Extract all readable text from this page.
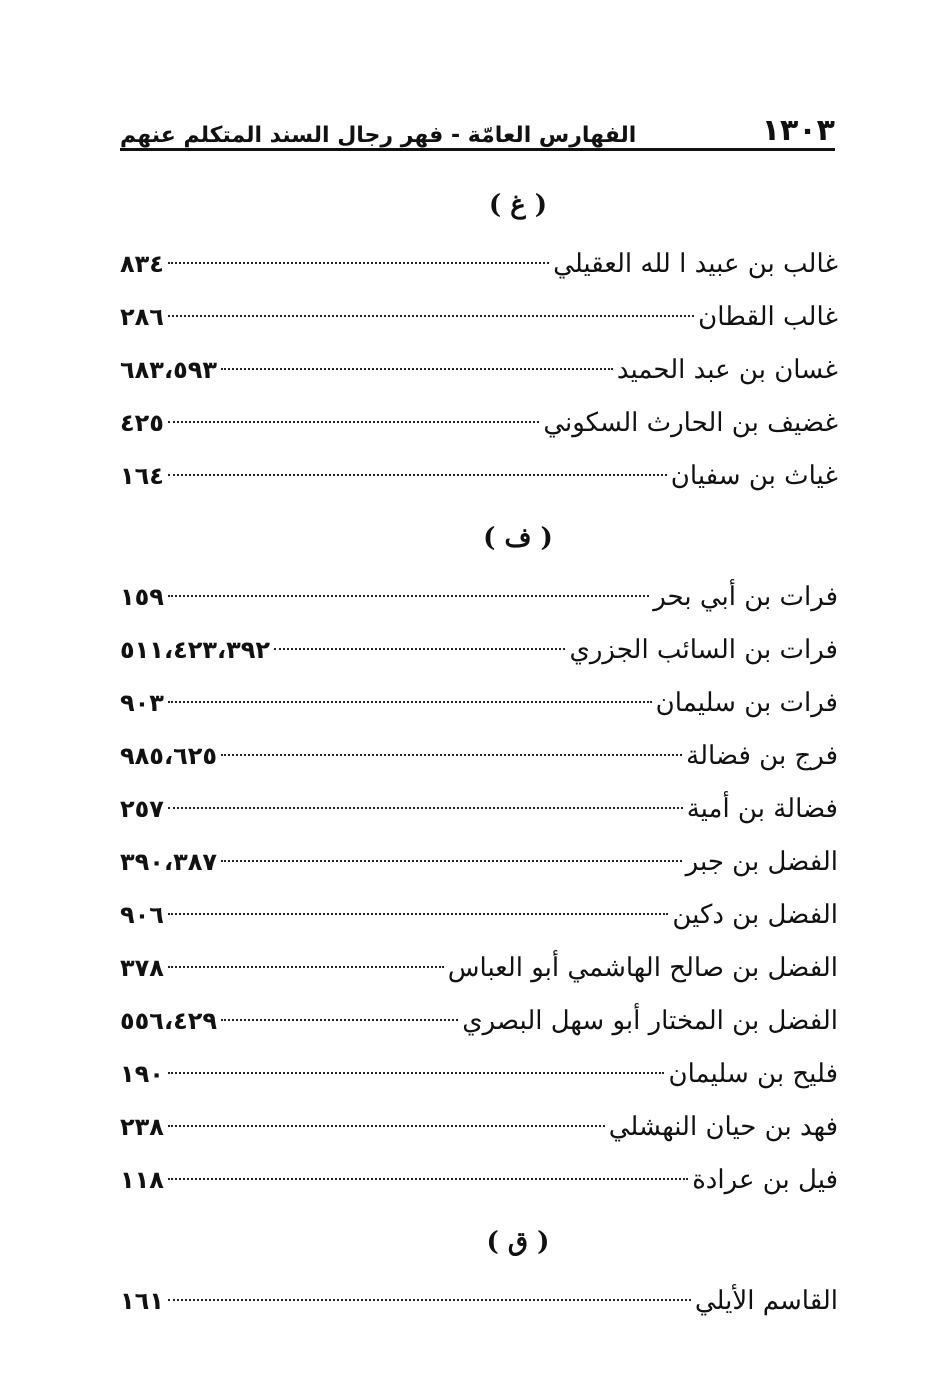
١٣٠٣
الفهارس العامّة - فهر رجال السند المتكلم عنهم
( غ )
غالب بن عبيد ا لله العقيلي
٨٣٤
غالب القطان
٢٨٦
غسان بن عبد الحميد
٦٨٣،٥٩٣
غضيف بن الحارث السكوني
٤٢٥
غياث بن سفيان
١٦٤
( ف )
فرات بن أبي بحر
١٥٩
فرات بن السائب الجزري
٥١١،٤٢٣،٣٩٢
فرات بن سليمان
٩٠٣
فرج بن فضالة
٩٨٥،٦٢٥
فضالة بن أمية
٢٥٧
الفضل بن جبر
٣٩٠،٣٨٧
الفضل بن دكين
٩٠٦
الفضل بن صالح الهاشمي أبو العباس
٣٧٨
الفضل بن المختار أبو سهل البصري
٥٥٦،٤٢٩
فليح بن سليمان
١٩٠
فهد بن حيان النهشلي
٢٣٨
فيل بن عرادة
١١٨
( ق )
القاسم الأيلي
١٦١
